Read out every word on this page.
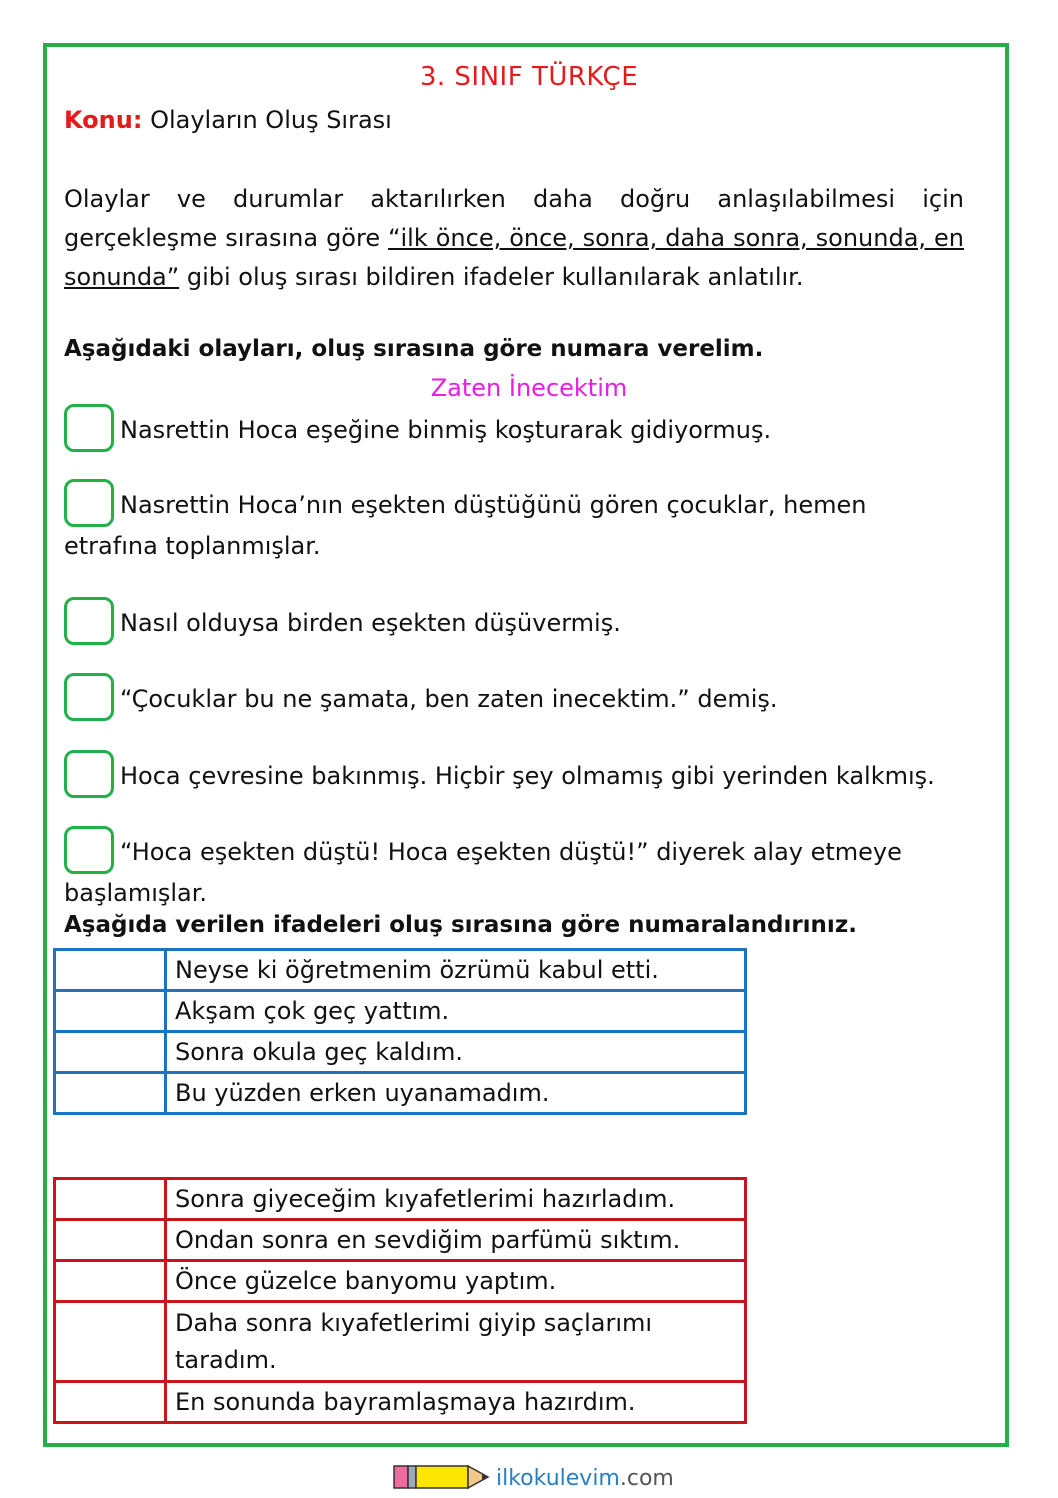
3. SINIF TÜRKÇE
Konu: Olayların Oluş Sırası
Olaylar ve durumlar aktarılırken daha doğru anlaşılabilmesi için gerçekleşme sırasına göre “ilk önce, önce, sonra, daha sonra, sonunda, en sonunda” gibi oluş sırası bildiren ifadeler kullanılarak anlatılır.
Aşağıdaki olayları, oluş sırasına göre numara verelim.
Zaten İnecektim
Nasrettin Hoca eşeğine binmiş koşturarak gidiyormuş.
Nasrettin Hoca’nın eşekten düştüğünü gören çocuklar, hemen etrafına toplanmışlar.
Nasıl olduysa birden eşekten düşüvermiş.
“Çocuklar bu ne şamata, ben zaten inecektim.” demiş.
Hoca çevresine bakınmış. Hiçbir şey olmamış gibi yerinden kalkmış.
“Hoca eşekten düştü! Hoca eşekten düştü!” diyerek alay etmeye başlamışlar.
Aşağıda verilen ifadeleri oluş sırasına göre numaralandırınız.
	Neyse ki öğretmenim özrümü kabul etti.
	Akşam çok geç yattım.
	Sonra okula geç kaldım.
	Bu yüzden erken uyanamadım.
	Sonra giyeceğim kıyafetlerimi hazırladım.
	Ondan sonra en sevdiğim parfümü sıktım.
	Önce güzelce banyomu yaptım.
	Daha sonra kıyafetlerimi giyip saçlarımı taradım.
	En sonunda bayramlaşmaya hazırdım.
ilkokulevim.com
